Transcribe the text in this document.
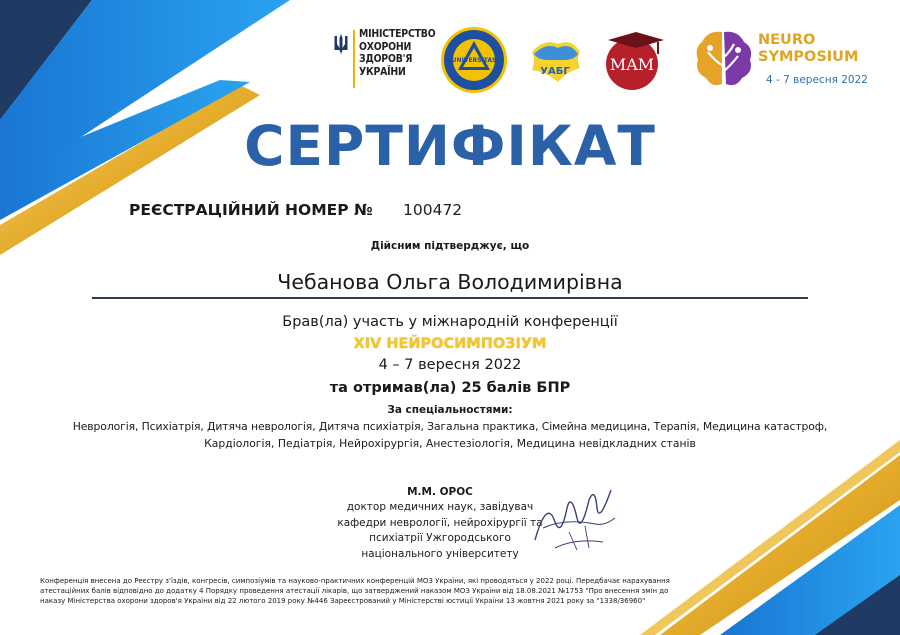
МІНІСТЕРСТВО
ОХОРОНИ
ЗДОРОВ'Я
УКРАЇНИ
UNIVERSITAS
УАБГ	MAM
NEURO
SYMPOSIUM
4 - 7 вересня 2022
СЕРТИФІКАТ
РЕЄСТРАЦІЙНИЙ НОМЕР № 100472
Дійсним підтверджує, що
Чебанова Ольга Володимирівна
Брав(ла) участь у міжнародній конференції
XIV НЕЙРОСИМПОЗІУМ
4 – 7 вересня 2022
та отримав(ла) 25 балів БПР
За спеціальностями:
Неврологія, Психіатрія, Дитяча неврологія, Дитяча психіатрія, Загальна практика, Сімейна медицина, Терапія, Медицина катастроф,
Кардіологія, Педіатрія, Нейрохірургія, Анестезіологія, Медицина невідкладних станів
М.М. ОРОС
доктор медичних наук, завідувач
кафедри неврології, нейрохірургії та
психіатрії Ужгородського
національного університету
Конференція внесена до Реєстру з'їздів, конгресів, симпозіумів та науково-практичних конференцій МОЗ України, які проводяться у 2022 році. Передбачає нарахування
атестаційних балів відповідно до додатку 4 Порядку проведення атестації лікарів, що затверджений наказом МОЗ України від 18.08.2021 №1753 "Про внесення змін до
наказу Міністерства охорони здоров'я України від 22 лютого 2019 року №446 Зареєстрований у Міністерстві юстиції України 13 жовтня 2021 року за "1338/36960"
